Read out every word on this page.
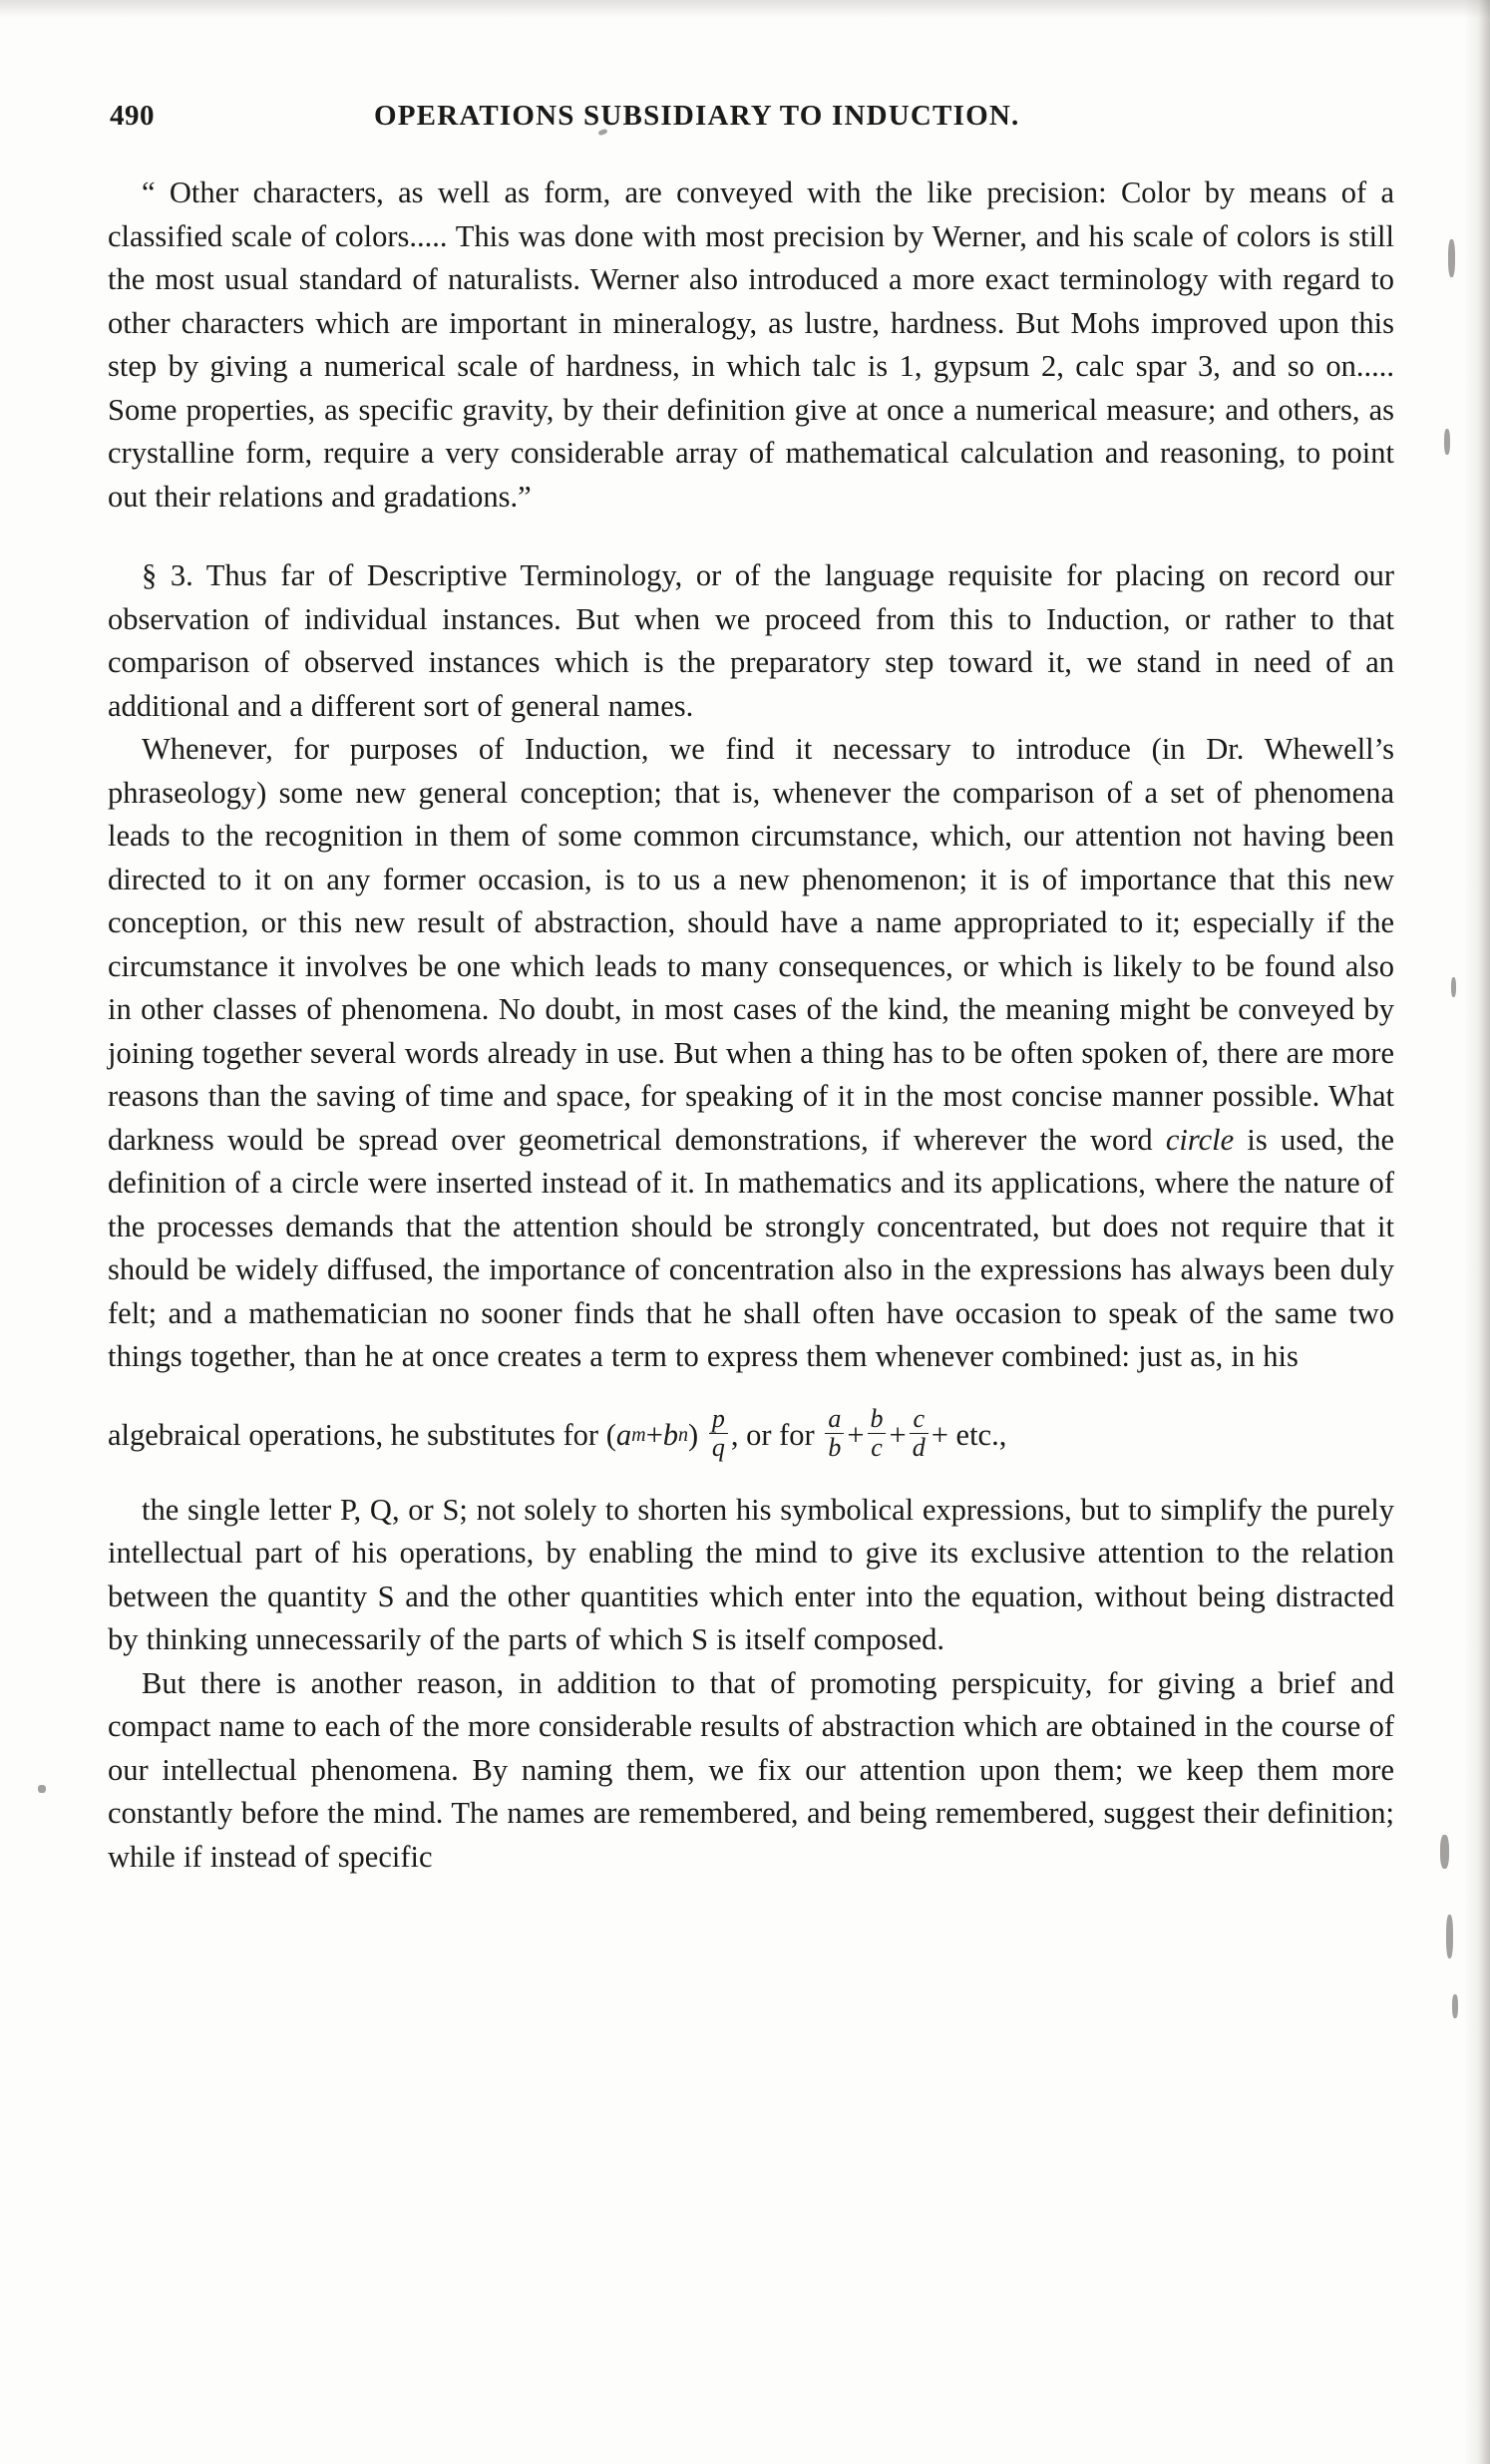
490	OPERATIONS SUBSIDIARY TO INDUCTION.

“ Other characters, as well as form, are conveyed with the like precision: Color by means of a classified scale of colors..... This was done with most precision by Werner, and his scale of colors is still the most usual standard of naturalists. Werner also introduced a more exact terminology with regard to other characters which are important in mineralogy, as lustre, hardness. But Mohs improved upon this step by giving a numerical scale of hardness, in which talc is 1, gypsum 2, calc spar 3, and so on..... Some properties, as specific gravity, by their definition give at once a numerical measure; and others, as crystalline form, require a very considerable array of mathematical calculation and reasoning, to point out their relations and gradations.”

§ 3. Thus far of Descriptive Terminology, or of the language requisite for placing on record our observation of individual instances. But when we proceed from this to Induction, or rather to that comparison of observed instances which is the preparatory step toward it, we stand in need of an additional and a different sort of general names.

Whenever, for purposes of Induction, we find it necessary to introduce (in Dr. Whewell’s phraseology) some new general conception; that is, whenever the comparison of a set of phenomena leads to the recognition in them of some common circumstance, which, our attention not having been directed to it on any former occasion, is to us a new phenomenon; it is of importance that this new conception, or this new result of abstraction, should have a name appropriated to it; especially if the circumstance it involves be one which leads to many consequences, or which is likely to be found also in other classes of phenomena. No doubt, in most cases of the kind, the meaning might be conveyed by joining together several words already in use. But when a thing has to be often spoken of, there are more reasons than the saving of time and space, for speaking of it in the most concise manner possible. What darkness would be spread over geometrical demonstrations, if wherever the word circle is used, the definition of a circle were inserted instead of it. In mathematics and its applications, where the nature of the processes demands that the attention should be strongly concentrated, but does not require that it should be widely diffused, the importance of concentration also in the expressions has always been duly felt; and a mathematician no sooner finds that he shall often have occasion to speak of the same two things together, than he at once creates a term to express them whenever combined: just as, in his

algebraical operations, he substitutes for ( a m + b n ) $\frac{p}{q}$ , or for $\frac{a}{b} + \frac{b}{c} + \frac{c}{d}$ + etc.,

the single letter P, Q, or S; not solely to shorten his symbolical expressions, but to simplify the purely intellectual part of his operations, by enabling the mind to give its exclusive attention to the relation between the quantity S and the other quantities which enter into the equation, without being distracted by thinking unnecessarily of the parts of which S is itself composed.

But there is another reason, in addition to that of promoting perspicuity, for giving a brief and compact name to each of the more considerable results of abstraction which are obtained in the course of our intellectual phenomena. By naming them, we fix our attention upon them; we keep them more constantly before the mind. The names are remembered, and being remembered, suggest their definition; while if instead of specific
